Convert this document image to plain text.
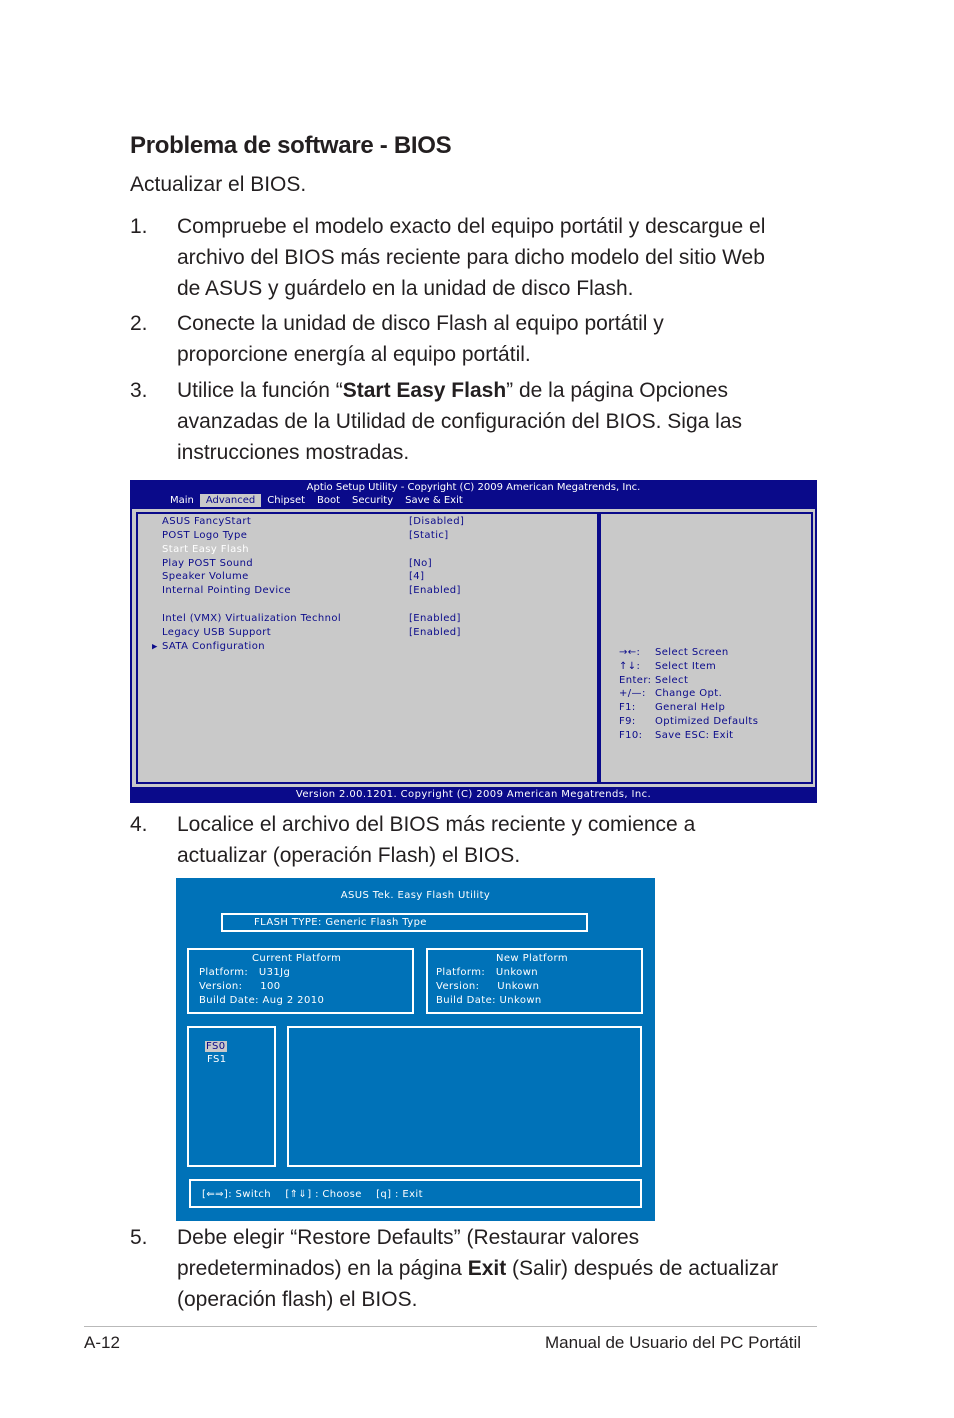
Problema de software - BIOS
Actualizar el BIOS.
1. Compruebe el modelo exacto del equipo portátil y descargue el
archivo del BIOS más reciente para dicho modelo del sitio Web
de ASUS y guárdelo en la unidad de disco Flash.
2. Conecte la unidad de disco Flash al equipo portátil y
proporcione energía al equipo portátil.
3. Utilice la función “Start Easy Flash” de la página Opciones
avanzadas de la Utilidad de configuración del BIOS. Siga las
instrucciones mostradas.
Aptio Setup Utility - Copyright (C) 2009 American Megatrends, Inc.
Main	Advanced	Chipset	Boot	Security	Save & Exit
ASUS FancyStart	[Disabled]
POST Logo Type	[Static]
Start Easy Flash
Play POST Sound	[No]
Speaker Volume	[4]
Internal Pointing Device	[Enabled]
Intel (VMX) Virtualization Technol	[Enabled]
Legacy USB Support	[Enabled]
▶ SATA Configuration
→←: Select Screen
↑↓: Select Item
Enter: Select
+/—: Change Opt.
F1: General Help
F9: Optimized Defaults
F10: Save ESC: Exit
Version 2.00.1201. Copyright (C) 2009 American Megatrends, Inc.
4. Localice el archivo del BIOS más reciente y comience a
actualizar (operación Flash) el BIOS.
ASUS Tek. Easy Flash Utility
FLASH TYPE: Generic Flash Type
Current Platform
Platform:   U31Jg
Version:     100
Build Date: Aug 2 2010
New Platform
Platform:   Unkown
Version:     Unkown
Build Date: Unkown
FS0
FS1
[⇐⇒]: Switch    [⇑⇓] : Choose [q] : Exit
5. Debe elegir “Restore Defaults” (Restaurar valores
predeterminados) en la página Exit (Salir) después de actualizar
(operación flash) el BIOS.
A-12	Manual de Usuario del PC Portátil
